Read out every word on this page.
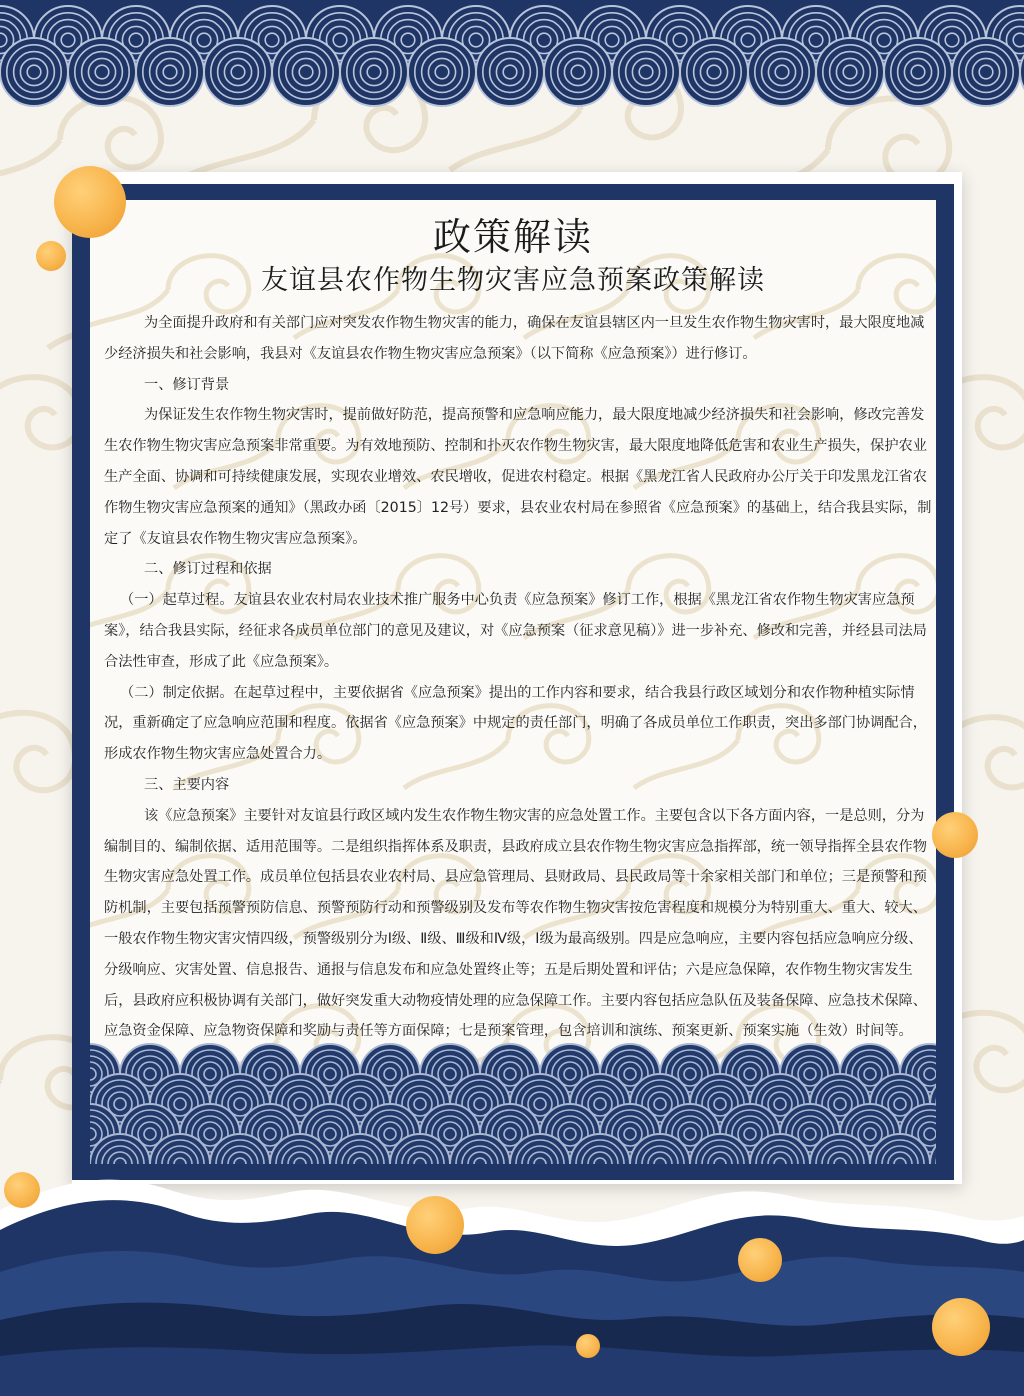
政策解读
友谊县农作物生物灾害应急预案政策解读

为全面提升政府和有关部门应对突发农作物生物灾害的能力，确保在友谊县辖区内一旦发生农作物生物灾害时，最大限度地减少经济损失和社会影响，我县对《友谊县农作物生物灾害应急预案》（以下简称《应急预案》）进行修订。

一、修订背景

为保证发生农作物生物灾害时，提前做好防范，提高预警和应急响应能力，最大限度地减少经济损失和社会影响，修改完善发生农作物生物灾害应急预案非常重要。为有效地预防、控制和扑灭农作物生物灾害，最大限度地降低危害和农业生产损失，保护农业生产全面、协调和可持续健康发展，实现农业增效、农民增收，促进农村稳定。根据《黑龙江省人民政府办公厅关于印发黑龙江省农作物生物灾害应急预案的通知》（黑政办函〔2015〕12号）要求，县农业农村局在参照省《应急预案》的基础上，结合我县实际，制定了《友谊县农作物生物灾害应急预案》。

二、修订过程和依据

（一）起草过程。友谊县农业农村局农业技术推广服务中心负责《应急预案》修订工作，根据《黑龙江省农作物生物灾害应急预案》，结合我县实际，经征求各成员单位部门的意见及建议，对《应急预案（征求意见稿）》进一步补充、修改和完善，并经县司法局合法性审查，形成了此《应急预案》。

（二）制定依据。在起草过程中，主要依据省《应急预案》提出的工作内容和要求，结合我县行政区域划分和农作物种植实际情况，重新确定了应急响应范围和程度。依据省《应急预案》中规定的责任部门，明确了各成员单位工作职责，突出多部门协调配合，形成农作物生物灾害应急处置合力。

三、主要内容

该《应急预案》主要针对友谊县行政区域内发生农作物生物灾害的应急处置工作。主要包含以下各方面内容，一是总则，分为编制目的、编制依据、适用范围等。二是组织指挥体系及职责，县政府成立县农作物生物灾害应急指挥部，统一领导指挥全县农作物生物灾害应急处置工作。成员单位包括县农业农村局、县应急管理局、县财政局、县民政局等十余家相关部门和单位；三是预警和预防机制，主要包括预警预防信息、预警预防行动和预警级别及发布等农作物生物灾害按危害程度和规模分为特别重大、重大、较大、一般农作物生物灾害灾情四级，预警级别分为Ⅰ级、Ⅱ级、Ⅲ级和Ⅳ级，Ⅰ级为最高级别。四是应急响应，主要内容包括应急响应分级、分级响应、灾害处置、信息报告、通报与信息发布和应急处置终止等；五是后期处置和评估；六是应急保障，农作物生物灾害发生后，县政府应积极协调有关部门，做好突发重大动物疫情处理的应急保障工作。主要内容包括应急队伍及装备保障、应急技术保障、应急资金保障、应急物资保障和奖励与责任等方面保障；七是预案管理，包含培训和演练、预案更新、预案实施（生效）时间等。
